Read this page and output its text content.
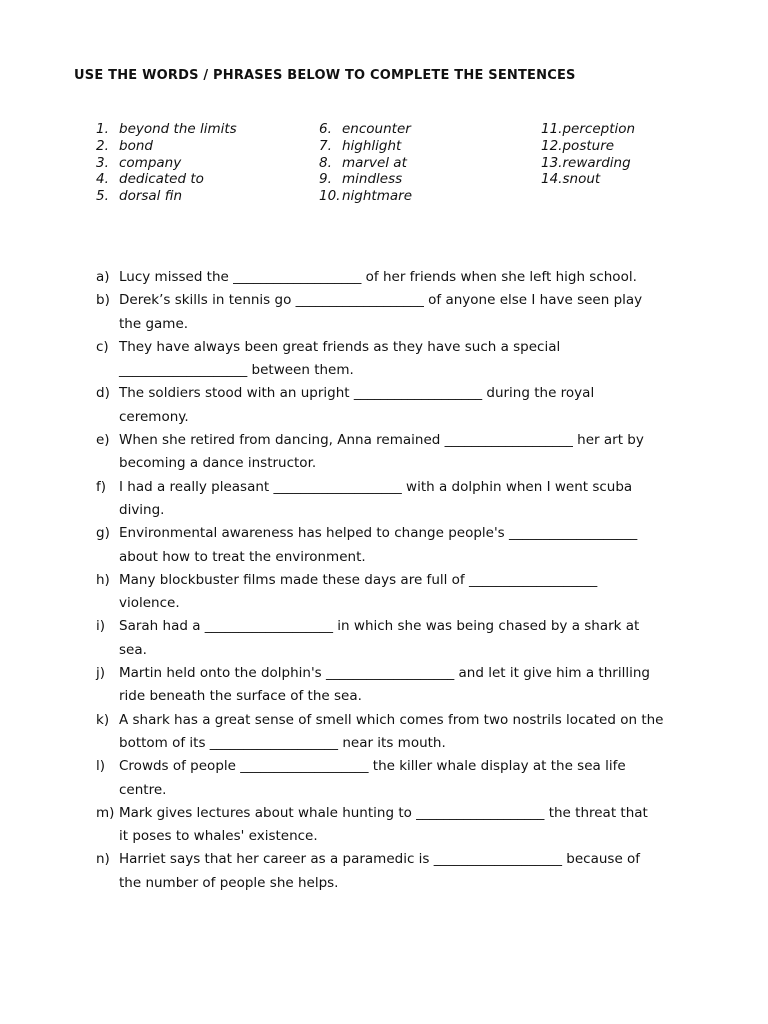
USE THE WORDS / PHRASES BELOW TO COMPLETE THE SENTENCES
1. beyond the limits
2. bond
3. company
4. dedicated to
5. dorsal fin
6. encounter
7. highlight
8. marvel at
9. mindless
10. nightmare
11. perception
12. posture
13. rewarding
14. snout
a) Lucy missed the ___________________ of her friends when she left high school.
b) Derek’s skills in tennis go ___________________ of anyone else I have seen play
the game.
c) They have always been great friends as they have such a special
___________________ between them.
d) The soldiers stood with an upright ___________________ during the royal
ceremony.
e) When she retired from dancing, Anna remained ___________________ her art by
becoming a dance instructor.
f) I had a really pleasant ___________________ with a dolphin when I went scuba
diving.
g) Environmental awareness has helped to change people's ___________________
about how to treat the environment.
h) Many blockbuster films made these days are full of ___________________
violence.
i)	Sarah had a ___________________ in which she was being chased by a shark at
sea.
j)	Martin held onto the dolphin's ___________________ and let it give him a thrilling
ride beneath the surface of the sea.
k) A shark has a great sense of smell which comes from two nostrils located on the
bottom of its ___________________ near its mouth.
l)	Crowds of people ___________________ the killer whale display at the sea life
centre.
m) Mark gives lectures about whale hunting to ___________________ the threat that
it poses to whales' existence.
n) Harriet says that her career as a paramedic is ___________________ because of
the number of people she helps.
